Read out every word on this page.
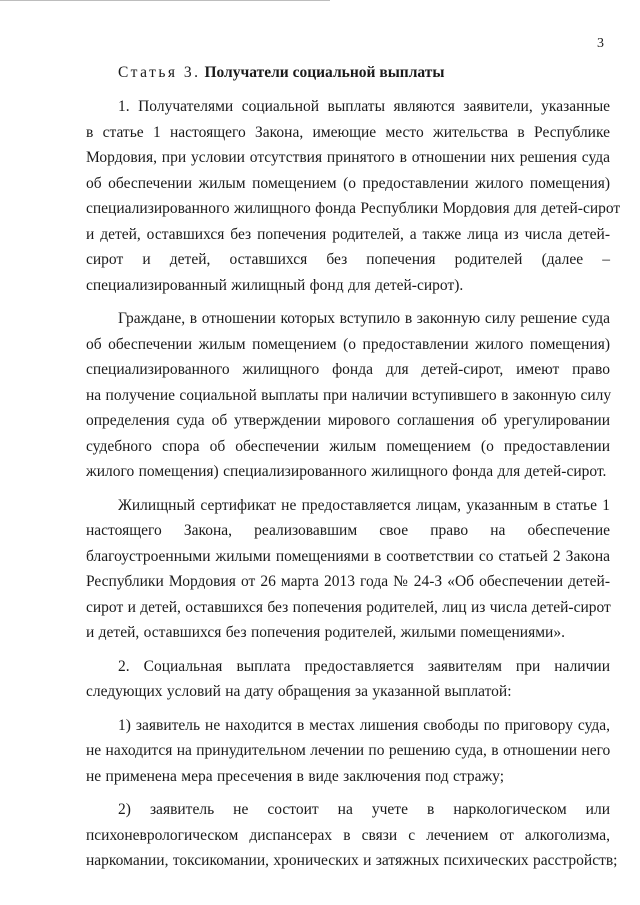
3
Статья 3. Получатели социальной выплаты
1. Получателями социальной выплаты являются заявители, указанные
в статье 1 настоящего Закона, имеющие место жительства в Республике
Мордовия, при условии отсутствия принятого в отношении них решения суда
об обеспечении жилым помещением (о предоставлении жилого помещения)
специализированного жилищного фонда Республики Мордовия для детей-сирот
и детей, оставшихся без попечения родителей, а также лица из числа детей-
сирот и детей, оставшихся без попечения родителей (далее –
специализированный жилищный фонд для детей-сирот).
Граждане, в отношении которых вступило в законную силу решение суда
об обеспечении жилым помещением (о предоставлении жилого помещения)
специализированного жилищного фонда для детей-сирот, имеют право
на получение социальной выплаты при наличии вступившего в законную силу
определения суда об утверждении мирового соглашения об урегулировании
судебного спора об обеспечении жилым помещением (о предоставлении
жилого помещения) специализированного жилищного фонда для детей-сирот.
Жилищный сертификат не предоставляется лицам, указанным в статье 1
настоящего Закона, реализовавшим свое право на обеспечение
благоустроенными жилыми помещениями в соответствии со статьей 2 Закона
Республики Мордовия от 26 марта 2013 года № 24-З «Об обеспечении детей-
сирот и детей, оставшихся без попечения родителей, лиц из числа детей-сирот
и детей, оставшихся без попечения родителей, жилыми помещениями».
2. Социальная выплата предоставляется заявителям при наличии
следующих условий на дату обращения за указанной выплатой:
1) заявитель не находится в местах лишения свободы по приговору суда,
не находится на принудительном лечении по решению суда, в отношении него
не применена мера пресечения в виде заключения под стражу;
2) заявитель не состоит на учете в наркологическом или
психоневрологическом диспансерах в связи с лечением от алкоголизма,
наркомании, токсикомании, хронических и затяжных психических расстройств;
